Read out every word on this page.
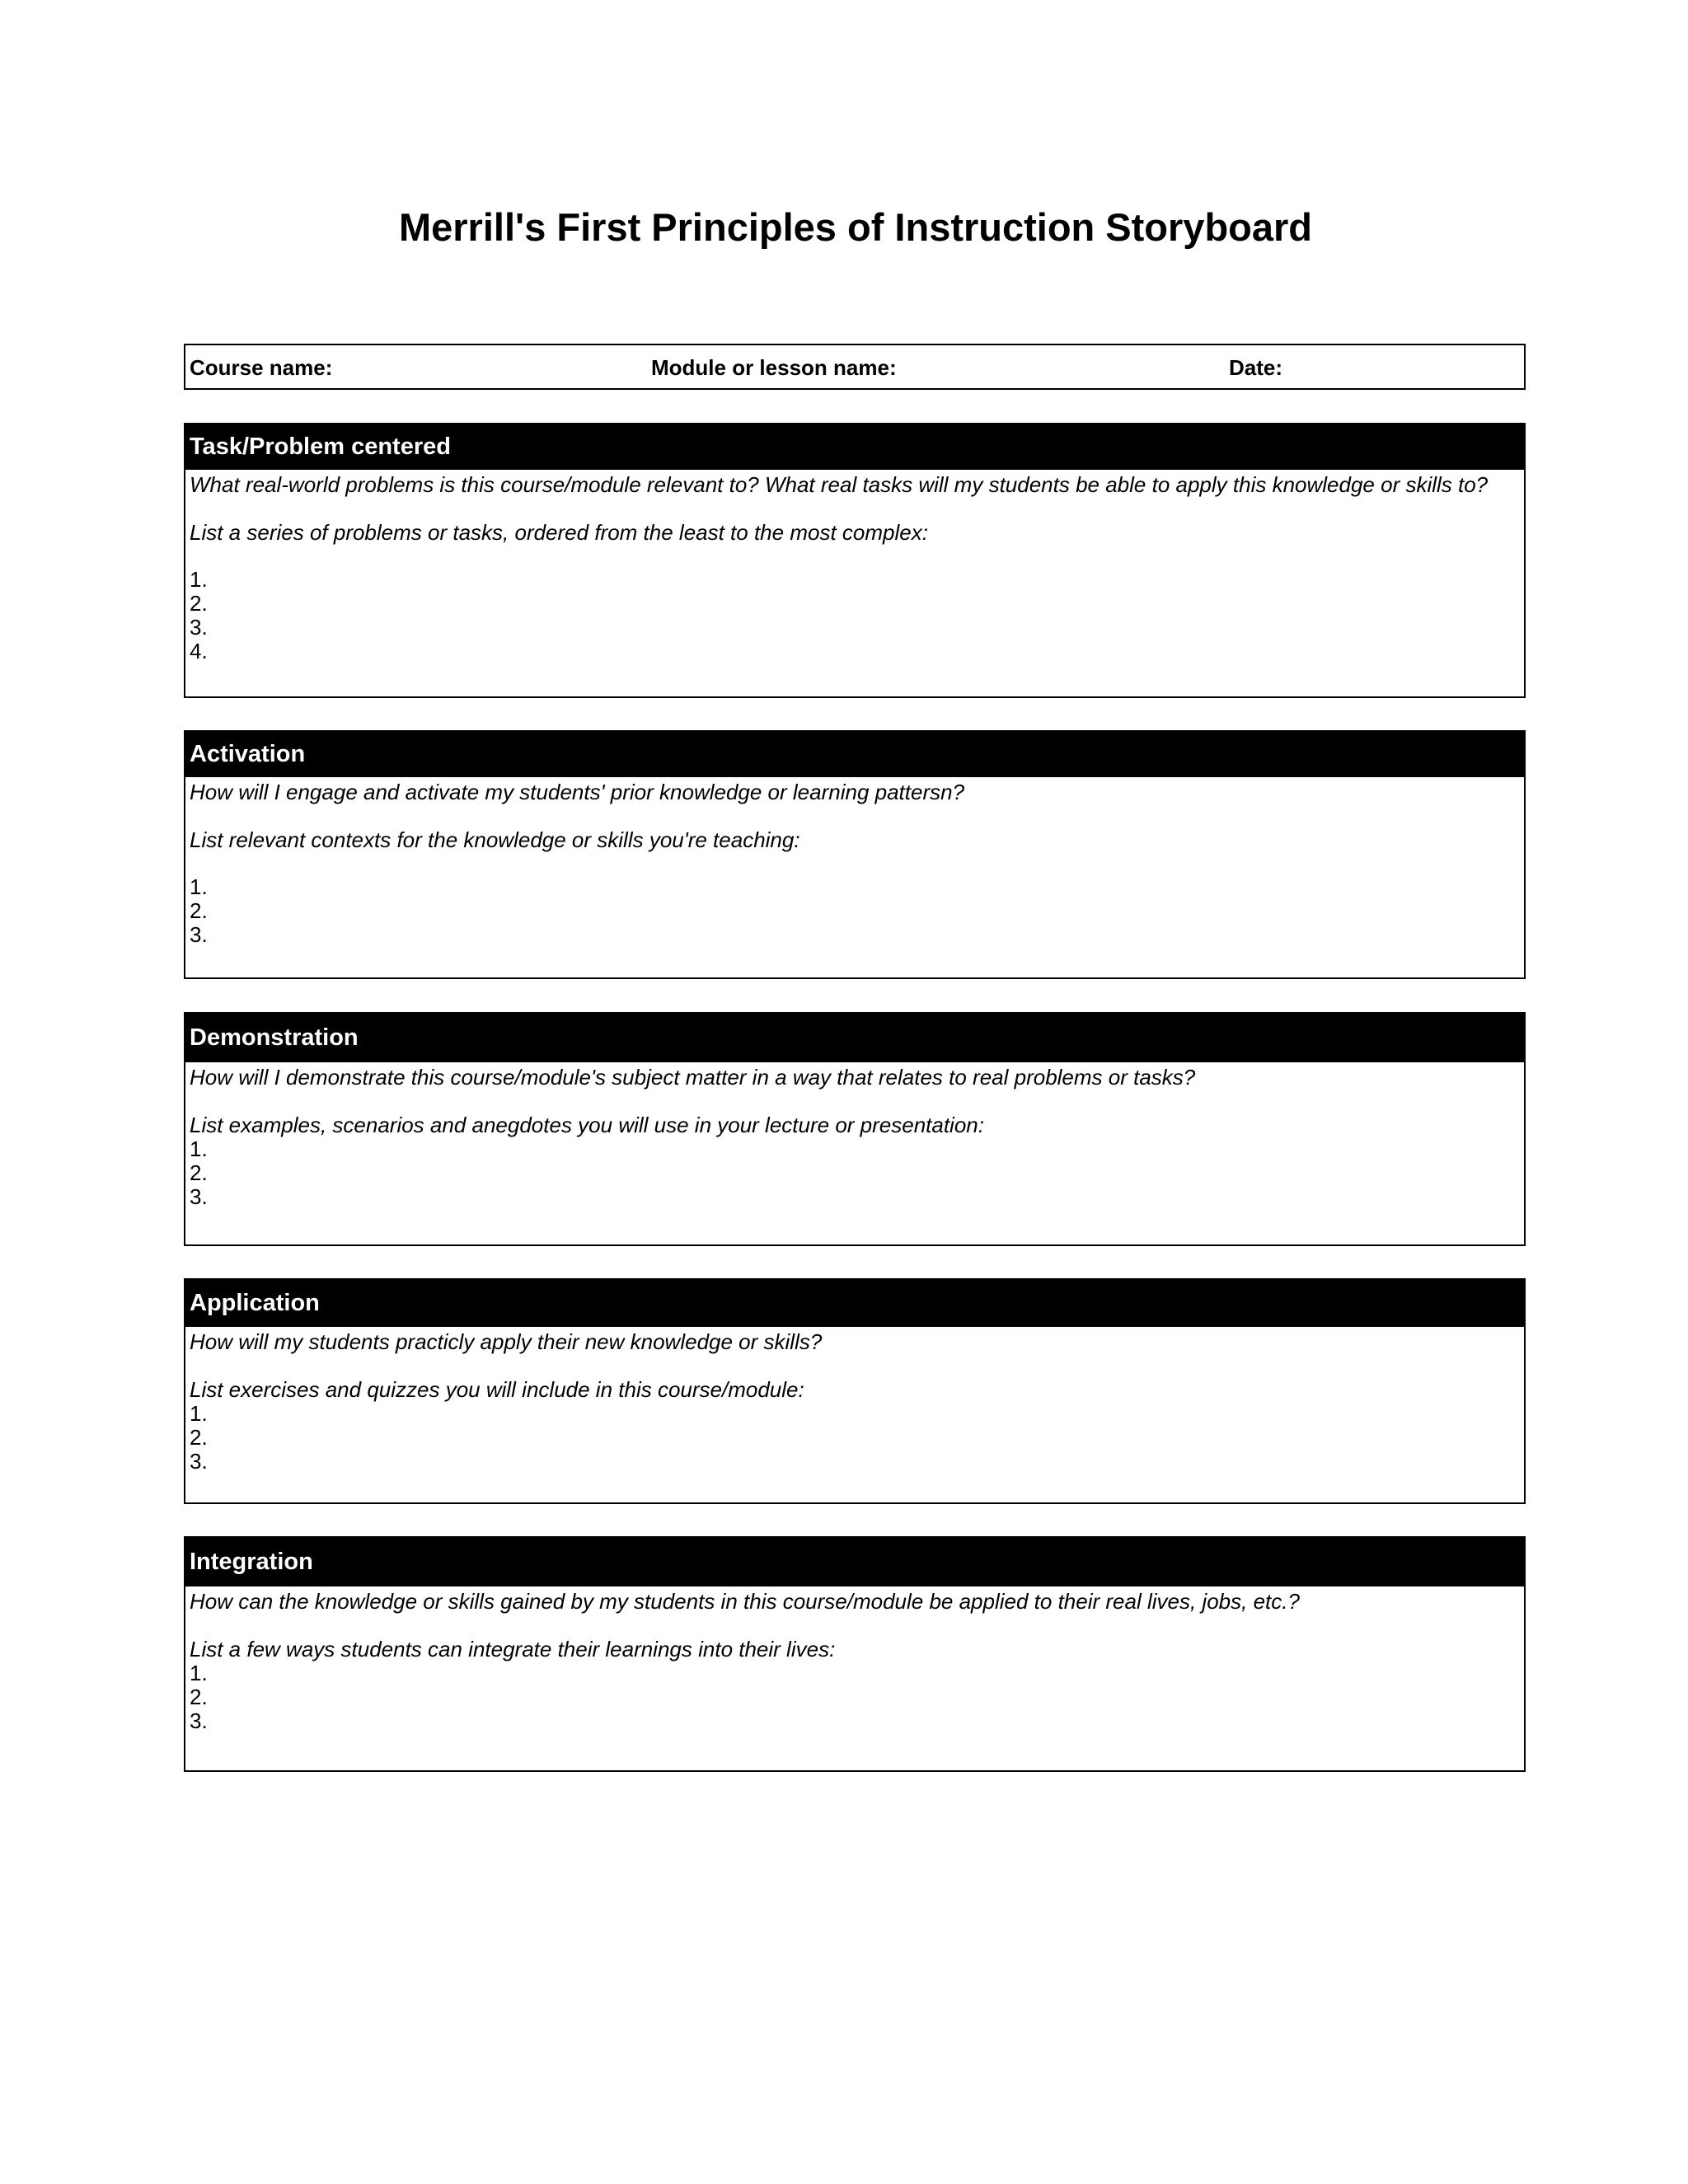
Merrill's First Principles of Instruction Storyboard
Course name:	Module or lesson name:	Date:
Task/Problem centered
What real-world problems is this course/module relevant to? What real tasks will my students be able to apply this knowledge or skills to?
List a series of problems or tasks, ordered from the least to the most complex:
1.
2.
3.
4.
Activation
How will I engage and activate my students' prior knowledge or learning pattersn?
List relevant contexts for the knowledge or skills you're teaching:
1.
2.
3.
Demonstration
How will I demonstrate this course/module's subject matter in a way that relates to real problems or tasks?
List examples, scenarios and anegdotes you will use in your lecture or presentation:
1.
2.
3.
Application
How will my students practicly apply their new knowledge or skills?
List exercises and quizzes you will include in this course/module:
1.
2.
3.
Integration
How can the knowledge or skills gained by my students in this course/module be applied to their real lives, jobs, etc.?
List a few ways students can integrate their learnings into their lives:
1.
2.
3.
